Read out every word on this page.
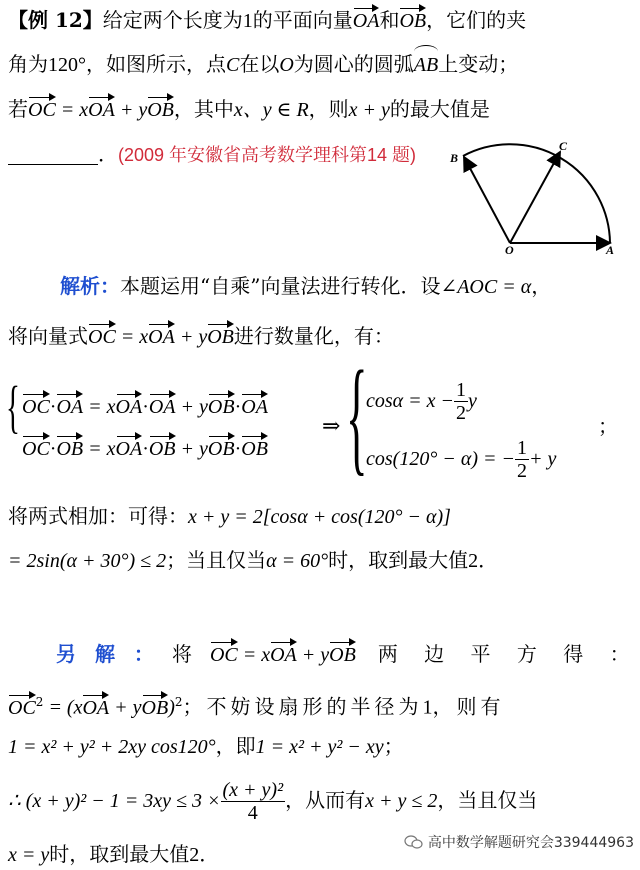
【例 12】给定两个长度为1的平面向量OA和OB，它们的夹
角为120°，如图所示，点C在以O为圆心的圆弧AB上变动；
若OC = xOA + yOB，其中x、y ∈ R，则x + y的最大值是
．(2009 年安徽省高考数学理科第14 题)	B
C
O	A
解析：本题运用“自乘”向量法进行转化．设∠AOC = α，
将向量式OC = xOA + yOB进行数量化，有：
{ OC·OA = xOA·OA + yOB·OA
OC·OB = xOA·OB + yOB·OB
⇒ {
$\cos\alpha = x - \frac{1}{2}$ y
cos(120° − α) = − $\frac{1}{2} + y$
；
将两式相加：可得：x + y = 2[cosα + cos(120° − α)]
= 2sin(α + 30°) ≤ 2；当且仅当α = 60°时，取到最大值2．
另 解 ： 将 OC = xOA + yOB 两 边 平 方 得 ：
$OC^2 = (xOA + yOB)^2$；不妨设扇形的半径为1，则有
1 = x² + y² + 2xy cos120°，即1 = x² + y² − xy；
∴ $(x + y)^2 - 1 = 3xy \le 3 \times \frac{\text{(x + y)²}}{4}$ ，从而有x + y ≤ 2，当且仅当
x = y时，取到最大值2．	高中数学解题研究会339444963
